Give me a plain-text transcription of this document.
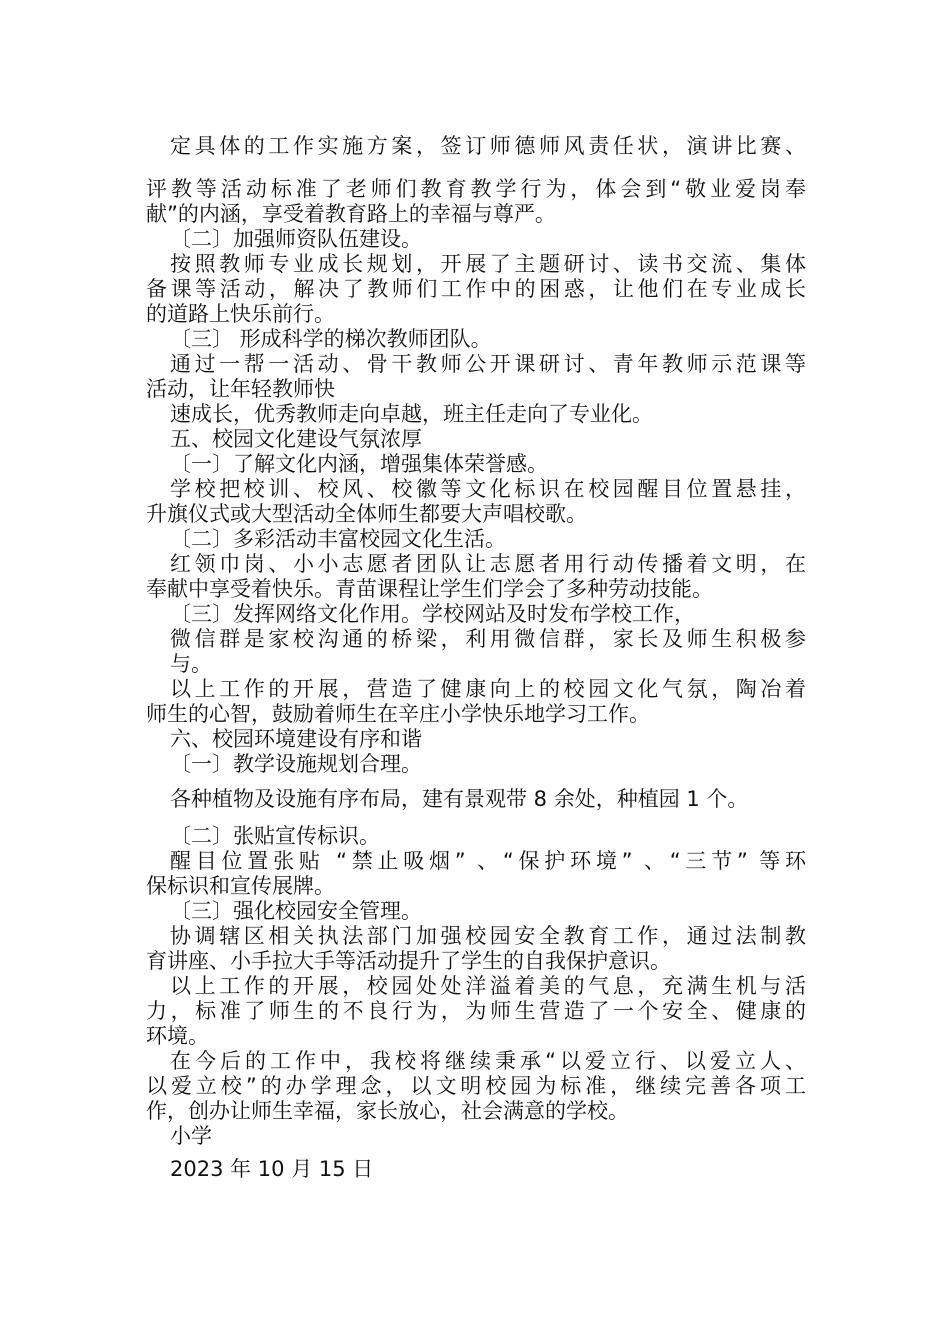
定具体的工作实施方案，签订师德师风责任状，演讲比赛、
评教等活动标准了老师们教育教学行为，体会到“敬业爱岗奉
献”的内涵，享受着教育路上的幸福与尊严。
〔二〕加强师资队伍建设。
按照教师专业成长规划，开展了主题研讨、读书交流、集体
备课等活动，解决了教师们工作中的困惑，让他们在专业成长
的道路上快乐前行。
〔三〕 形成科学的梯次教师团队。
通过一帮一活动、骨干教师公开课研讨、青年教师示范课等
活动，让年轻教师快
速成长，优秀教师走向卓越，班主任走向了专业化。
五、校园文化建设气氛浓厚
〔一〕了解文化内涵，增强集体荣誉感。
学校把校训、校风、校徽等文化标识在校园醒目位置悬挂，
升旗仪式或大型活动全体师生都要大声唱校歌。
〔二〕多彩活动丰富校园文化生活。
红领巾岗、小小志愿者团队让志愿者用行动传播着文明，在
奉献中享受着快乐。青苗课程让学生们学会了多种劳动技能。
〔三〕发挥网络文化作用。学校网站及时发布学校工作，
微信群是家校沟通的桥梁，利用微信群，家长及师生积极参
与。
以上工作的开展，营造了健康向上的校园文化气氛，陶冶着
师生的心智，鼓励着师生在辛庄小学快乐地学习工作。
六、校园环境建设有序和谐
〔一〕教学设施规划合理。
各种植物及设施有序布局，建有景观带 8 余处，种植园 1 个。
〔二〕张贴宣传标识。
醒目位置张贴 “禁止吸烟” 、“保护环境” 、“三节” 等环
保标识和宣传展牌。
〔三〕强化校园安全管理。
协调辖区相关执法部门加强校园安全教育工作，通过法制教
育讲座、小手拉大手等活动提升了学生的自我保护意识。
以上工作的开展，校园处处洋溢着美的气息，充满生机与活
力，标准了师生的不良行为，为师生营造了一个安全、健康的
环境。
在今后的工作中，我校将继续秉承“以爱立行、以爱立人、
以爱立校”的办学理念，以文明校园为标准，继续完善各项工
作，创办让师生幸福，家长放心，社会满意的学校。
小学
2023 年 10 月 15 日
